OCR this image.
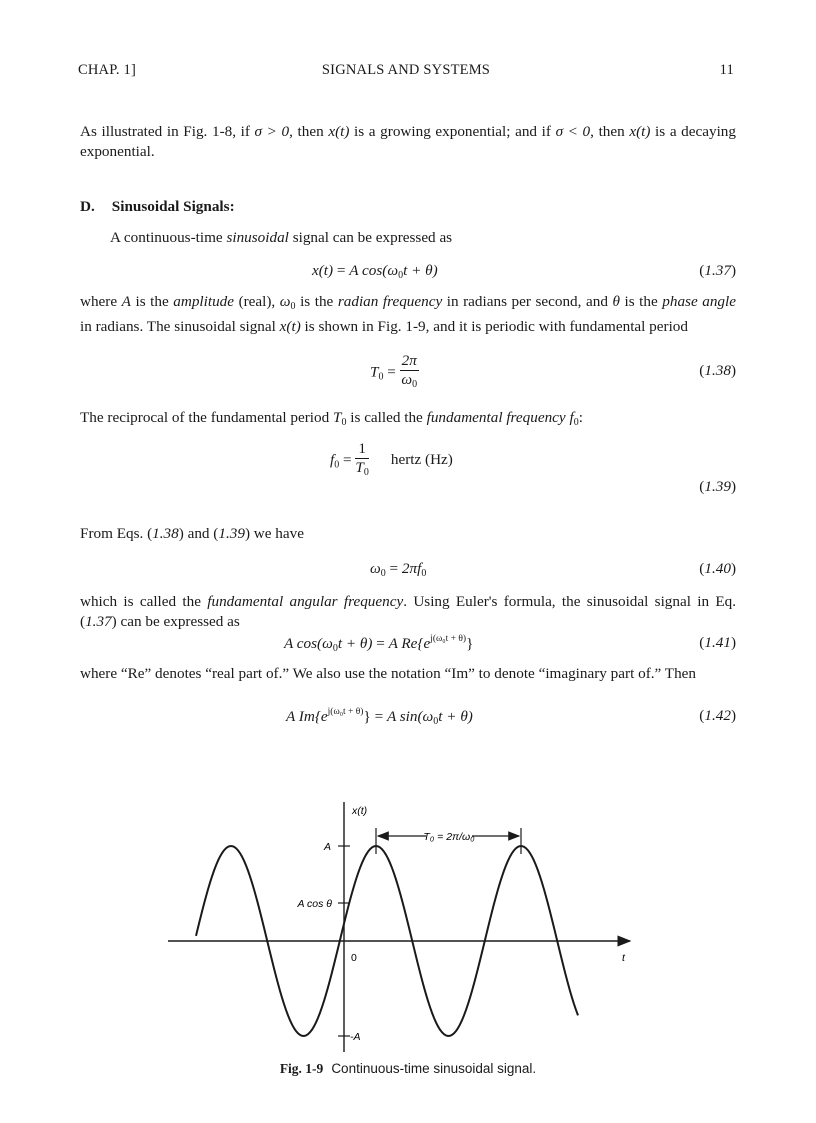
CHAP. 1]	SIGNALS AND SYSTEMS	11
As illustrated in Fig. 1-8, if σ > 0, then x(t) is a growing exponential; and if σ < 0, then x(t) is a decaying exponential.
D. Sinusoidal Signals:
A continuous-time sinusoidal signal can be expressed as
x(t) = A $\cos(\omega_0t + \theta)$	(1.37)
where A is the amplitude (real), $\omega_0$ is the radian frequency in radians per second, and θ is the phase angle in radians. The sinusoidal signal x(t) is shown in Fig. 1-9, and it is periodic with fundamental period
$T_0 = \frac{2\pi}{\omega_0}$	(1.38)
The reciprocal of the fundamental period $T_0$ is called the fundamental frequency $f_0$:
$f_0 = \frac{1}{T_0}$ hertz (Hz)
(1.39)
From Eqs. (1.38) and (1.39) we have
$\omega_0 = 2\pi f_0$	(1.40)
which is called the fundamental angular frequency. Using Euler's formula, the sinusoidal signal in Eq. (1.37) can be expressed as
A $\cos(\omega_0t + \theta) = A$ $Re\{e^{j(\omega_0t + \theta)}\}$	(1.41)
where “Re” denotes “real part of.” We also use the notation “Im” to denote “imaginary part of.” Then
A $Im\{e^{j(\omega_0t + \theta)}\} = A$ $\sin(\omega_0t + \theta)$	(1.42)
T₀ = 2π/ω₀
x(t)
A
A cos θ
0	t
-A
Fig. 1-9 Continuous-time sinusoidal signal.
